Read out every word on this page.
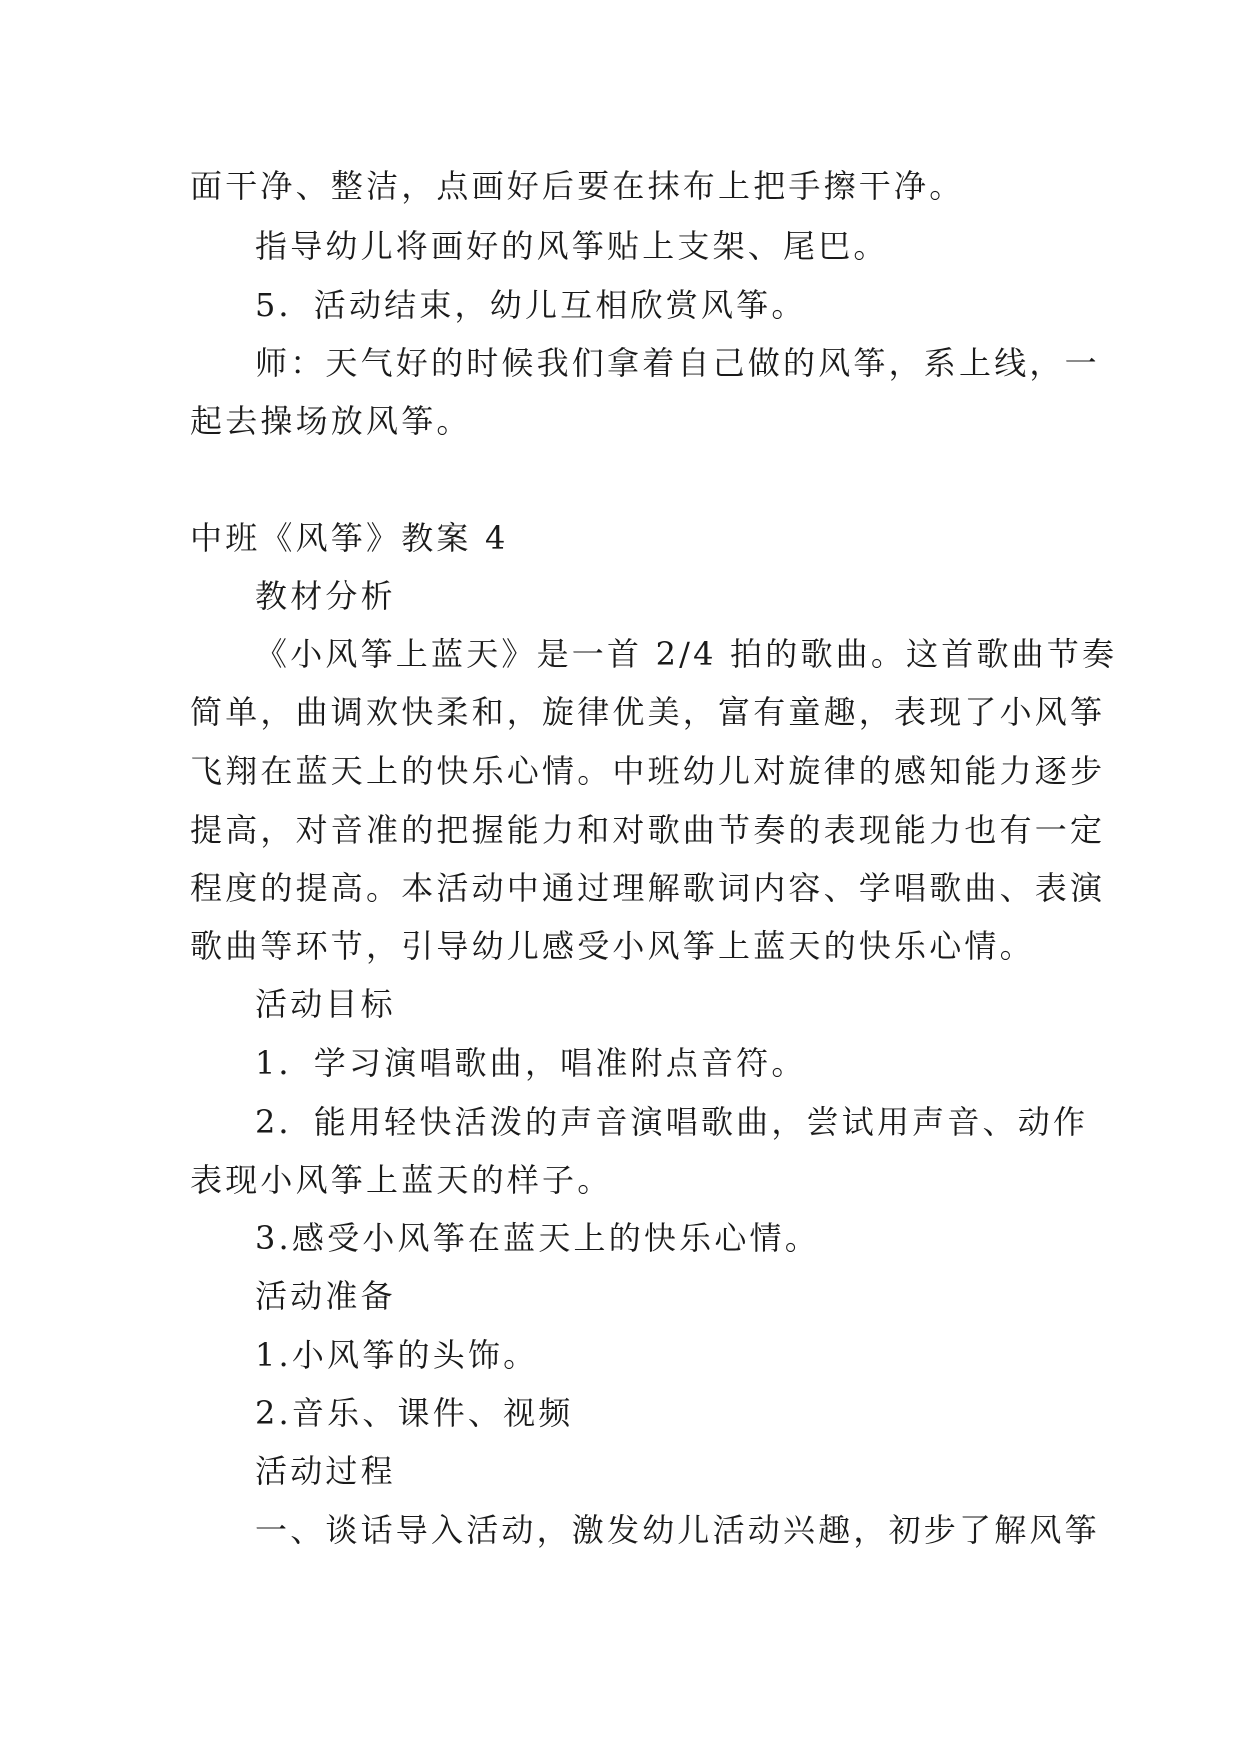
面干净、整洁，点画好后要在抹布上把手擦干净。
指导幼儿将画好的风筝贴上支架、尾巴。
5．活动结束，幼儿互相欣赏风筝。
师：天气好的时候我们拿着自己做的风筝，系上线，一
起去操场放风筝。
中班《风筝》教案 4
教材分析
《小风筝上蓝天》是一首 2/4 拍的歌曲。这首歌曲节奏
简单，曲调欢快柔和，旋律优美，富有童趣，表现了小风筝
飞翔在蓝天上的快乐心情。中班幼儿对旋律的感知能力逐步
提高，对音准的把握能力和对歌曲节奏的表现能力也有一定
程度的提高。本活动中通过理解歌词内容、学唱歌曲、表演
歌曲等环节，引导幼儿感受小风筝上蓝天的快乐心情。
活动目标
1．学习演唱歌曲，唱准附点音符。
2．能用轻快活泼的声音演唱歌曲，尝试用声音、动作
表现小风筝上蓝天的样子。
3.感受小风筝在蓝天上的快乐心情。
活动准备
1.小风筝的头饰。
2.音乐、课件、视频
活动过程
一、谈话导入活动，激发幼儿活动兴趣，初步了解风筝
